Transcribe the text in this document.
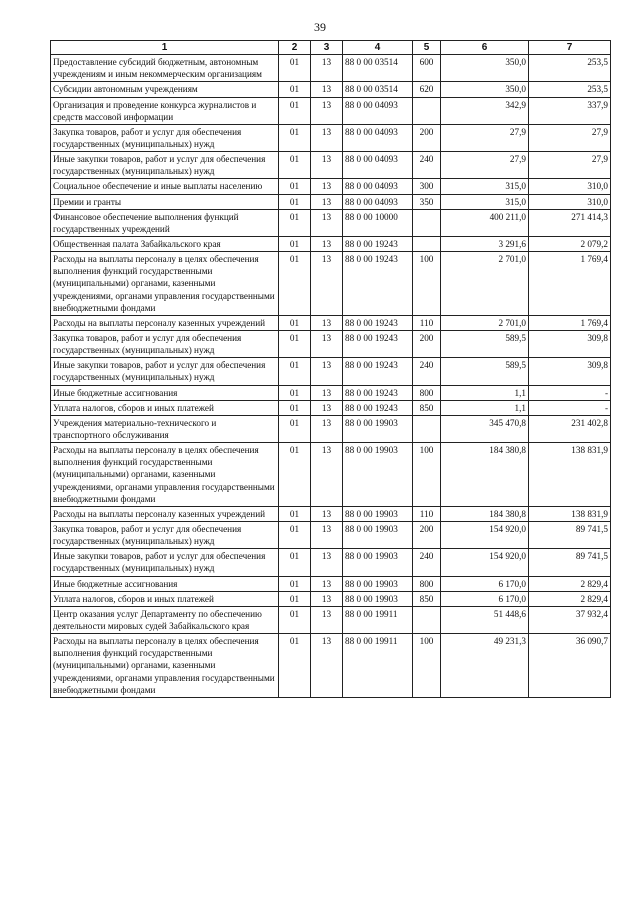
39
1	2	3	4	5	6	7
Предоставление субсидий бюджетным, автономным учреждениям и иным некоммерческим организациям	01	13	88 0 00 03514	600	350,0	253,5
Субсидии автономным учреждениям	01	13	88 0 00 03514	620	350,0	253,5
Организация и проведение конкурса журналистов и средств массовой информации	01	13	88 0 00 04093		342,9	337,9
Закупка товаров, работ и услуг для обеспечения государственных (муниципальных) нужд	01	13	88 0 00 04093	200	27,9	27,9
Иные закупки товаров, работ и услуг для обеспечения государственных (муниципальных) нужд	01	13	88 0 00 04093	240	27,9	27,9
Социальное обеспечение и иные выплаты населению	01	13	88 0 00 04093	300	315,0	310,0
Премии и гранты	01	13	88 0 00 04093	350	315,0	310,0
Финансовое обеспечение выполнения функций государственных учреждений	01	13	88 0 00 10000		400 211,0	271 414,3
Общественная палата Забайкальского края	01	13	88 0 00 19243		3 291,6	2 079,2
Расходы на выплаты персоналу в целях обеспечения выполнения функций государственными (муниципальными) органами, казенными учреждениями, органами управления государственными внебюджетными фондами	01	13	88 0 00 19243	100	2 701,0	1 769,4
Расходы на выплаты персоналу казенных учреждений	01	13	88 0 00 19243	110	2 701,0	1 769,4
Закупка товаров, работ и услуг для обеспечения государственных (муниципальных) нужд	01	13	88 0 00 19243	200	589,5	309,8
Иные закупки товаров, работ и услуг для обеспечения государственных (муниципальных) нужд	01	13	88 0 00 19243	240	589,5	309,8
Иные бюджетные ассигнования	01	13	88 0 00 19243	800	1,1	-
Уплата налогов, сборов и иных платежей	01	13	88 0 00 19243	850	1,1	-
Учреждения материально-технического и транспортного обслуживания	01	13	88 0 00 19903		345 470,8	231 402,8
Расходы на выплаты персоналу в целях обеспечения выполнения функций государственными (муниципальными) органами, казенными учреждениями, органами управления государственными внебюджетными фондами	01	13	88 0 00 19903	100	184 380,8	138 831,9
Расходы на выплаты персоналу казенных учреждений	01	13	88 0 00 19903	110	184 380,8	138 831,9
Закупка товаров, работ и услуг для обеспечения государственных (муниципальных) нужд	01	13	88 0 00 19903	200	154 920,0	89 741,5
Иные закупки товаров, работ и услуг для обеспечения государственных (муниципальных) нужд	01	13	88 0 00 19903	240	154 920,0	89 741,5
Иные бюджетные ассигнования	01	13	88 0 00 19903	800	6 170,0	2 829,4
Уплата налогов, сборов и иных платежей	01	13	88 0 00 19903	850	6 170,0	2 829,4
Центр оказания услуг Департаменту по обеспечению деятельности мировых судей Забайкальского края	01	13	88 0 00 19911		51 448,6	37 932,4
Расходы на выплаты персоналу в целях обеспечения выполнения функций государственными (муниципальными) органами, казенными учреждениями, органами управления государственными внебюджетными фондами	01	13	88 0 00 19911	100	49 231,3	36 090,7
